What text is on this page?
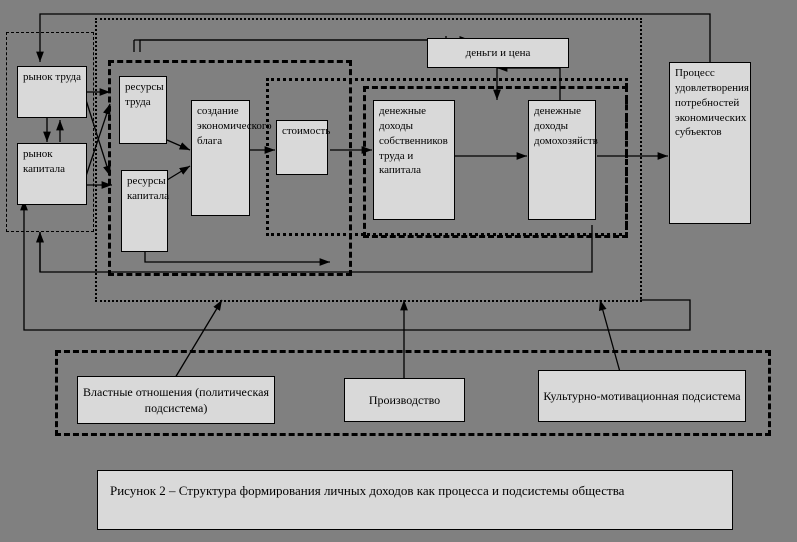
рынок труда
рынок капитала
ресурсы труда
ресурсы капитала
создание экономического блага
стоимость
денежные доходы собственников труда и капитала
денежные доходы домохозяйств
Процесс удовлетворения потребностей экономических субъектов
деньги и цена
Властные отношения (политическая подсистема)
Производство	Культурно-мотивационная подсистема
Рисунок 2 – Структура формирования личных доходов как процесса и подсистемы общества
